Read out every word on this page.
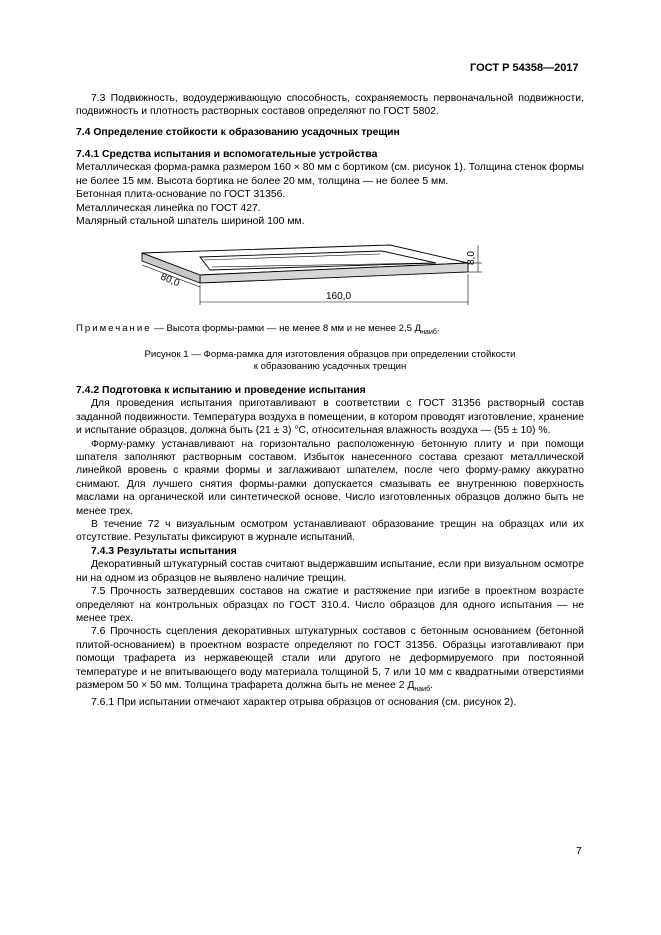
ГОСТ Р 54358—2017

7.3 Подвижность, водоудерживающую способность, сохраняемость первоначальной подвижности, подвижность и плотность растворных составов определяют по ГОСТ 5802.

7.4 Определение стойкости к образованию усадочных трещин

7.4.1 Средства испытания и вспомогательные устройства

Металлическая форма-рамка размером 160 × 80 мм с бортиком (см. рисунок 1). Толщина стенок формы не более 15 мм. Высота бортика не более 20 мм, толщина — не более 5 мм.

Бетонная плита-основание по ГОСТ 31356.

Металлическая линейка по ГОСТ 427.

Малярный стальной шпатель шириной 100 мм.

80,0
160,0
8,0
Примечание — Высота формы-рамки — не менее 8 мм и не менее 2,5 $Д_{наиб}$.
Рисунок 1 — Форма-рамка для изготовления образцов при определении стойкости
к образованию усадочных трещин

7.4.2 Подготовка к испытанию и проведение испытания

Для проведения испытания приготавливают в соответствии с ГОСТ 31356 растворный состав заданной подвижности. Температура воздуха в помещении, в котором проводят изготовление, хранение и испытание образцов, должна быть (21 ± 3) °С, относительная влажность воздуха — (55 ± 10) %.

Форму-рамку устанавливают на горизонтально расположенную бетонную плиту и при помощи шпателя заполняют растворным составом. Избыток нанесенного состава срезают металлической линейкой вровень с краями формы и заглаживают шпателем, после чего форму-рамку аккуратно снимают. Для лучшего снятия формы-рамки допускается смазывать ее внутреннюю поверхность маслами на органической или синтетической основе. Число изготовленных образцов должно быть не менее трех.

В течение 72 ч визуальным осмотром устанавливают образование трещин на образцах или их отсутствие. Результаты фиксируют в журнале испытаний.

7.4.3 Результаты испытания

Декоративный штукатурный состав считают выдержавшим испытание, если при визуальном осмотре ни на одном из образцов не выявлено наличие трещин.

7.5 Прочность затвердевших составов на сжатие и растяжение при изгибе в проектном возрасте определяют на контрольных образцах по ГОСТ 310.4. Число образцов для одного испытания — не менее трех.

7.6 Прочность сцепления декоративных штукатурных составов с бетонным основанием (бетонной плитой-основанием) в проектном возрасте определяют по ГОСТ 31356. Образцы изготавливают при помощи трафарета из нержавеющей стали или другого не деформируемого при постоянной температуре и не впитывающего воду материала толщиной 5, 7 или 10 мм с квадратными отверстиями размером 50 × 50 мм. Толщина трафарета должна быть не менее 2 $Д_{наиб}$.

7.6.1 При испытании отмечают характер отрыва образцов от основания (см. рисунок 2).

7
